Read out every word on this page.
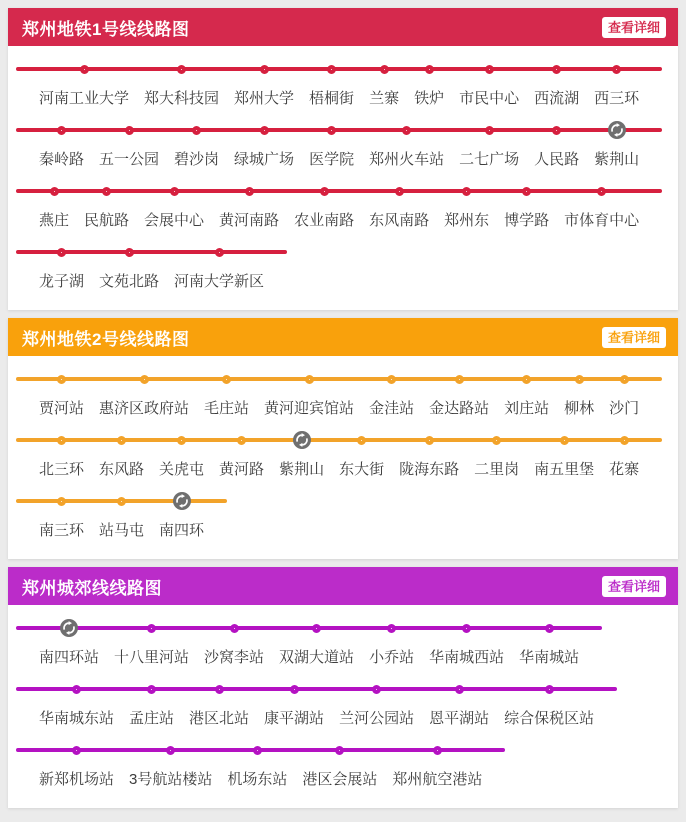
郑州地铁1号线线路图	查看详细
河南工业大学 郑大科技园 郑州大学 梧桐街 兰寨 铁炉 市民中心 西流湖 西三环
秦岭路 五一公园 碧沙岗 绿城广场 医学院 郑州火车站 二七广场 人民路 紫荆山
燕庄 民航路 会展中心 黄河南路 农业南路 东风南路 郑州东 博学路 市体育中心
龙子湖 文苑北路 河南大学新区
郑州地铁2号线线路图	查看详细
贾河站 惠济区政府站 毛庄站 黄河迎宾馆站 金洼站 金达路站 刘庄站 柳林 沙门
北三环 东风路 关虎屯 黄河路 紫荆山 东大街 陇海东路 二里岗 南五里堡 花寨
南三环 站马屯 南四环
郑州城郊线线路图	查看详细
南四环站 十八里河站 沙窝李站 双湖大道站 小乔站 华南城西站 华南城站
华南城东站 孟庄站 港区北站 康平湖站 兰河公园站 恩平湖站 综合保税区站
新郑机场站 3号航站楼站 机场东站 港区会展站 郑州航空港站
